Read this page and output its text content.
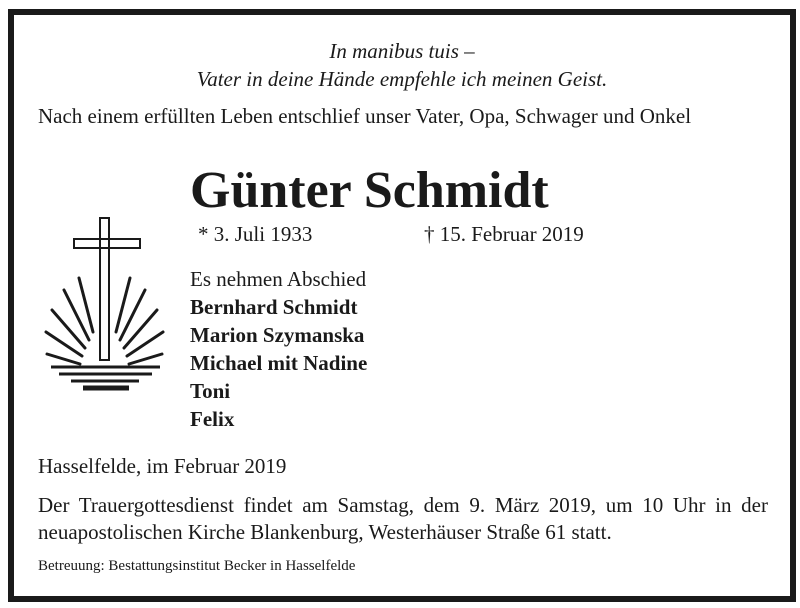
In manibus tuis –
Vater in deine Hände empfehle ich meinen Geist.
Nach einem erfüllten Leben entschlief unser Vater, Opa, Schwager und Onkel
Günter Schmidt
* 3. Juli 1933	† 15. Februar 2019
Es nehmen Abschied
Bernhard Schmidt
Marion Szymanska
Michael mit Nadine
Toni
Felix
Hasselfelde, im Februar 2019
Der Trauergottesdienst findet am Samstag, dem 9. März 2019, um 10 Uhr in der neuapostolischen Kirche Blankenburg, Westerhäuser Straße 61 statt.
Betreuung: Bestattungsinstitut Becker in Hasselfelde
